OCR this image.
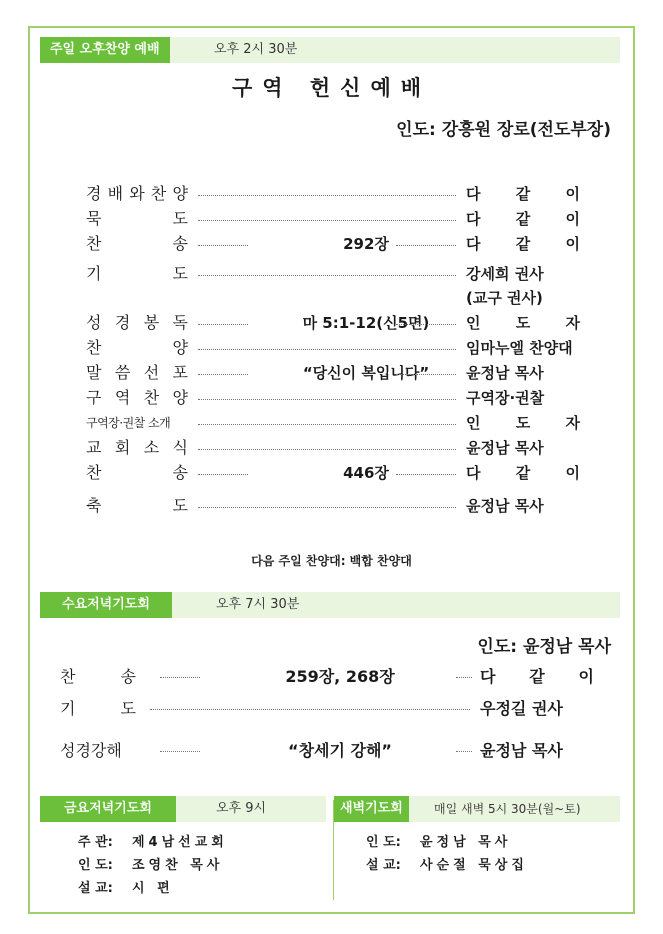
주일 오후찬양 예배	오후 2시 30분
구역 헌신예배
인도: 강흥원 장로(전도부장)
경 배 와 찬 양	다 같 이
묵	도	다 같 이
찬	송	292장	다 같 이
기	도	강세희 권사
(교구 권사)
성 경 봉 독	마 5:1-12(신5면)	인 도 자
찬	양	임마누엘 찬양대
말 씀 선 포	“당신이 복입니다”	윤정남 목사
구 역 찬 양	구역장·권찰
구역장·권찰 소개	인 도 자
교 회 소 식	윤정남 목사
찬	송	446장	다 같 이
축	도	윤정남 목사
다음 주일 찬양대: 백합 찬양대
수요저녁기도회	오후 7시 30분
인도: 윤정남 목사
찬	송	259장, 268장	다 같 이
기	도	우정길 권사
성경강해	“창세기 강해”	윤정남 목사
금요저녁기도회	오후 9시	새벽기도회	매일 새벽 5시 30분(월~토)
주 관: 제4남선교회
인 도: 조영찬 목사
설 교: 시 편
인 도: 윤정남 목사
설 교: 사순절 묵상집
